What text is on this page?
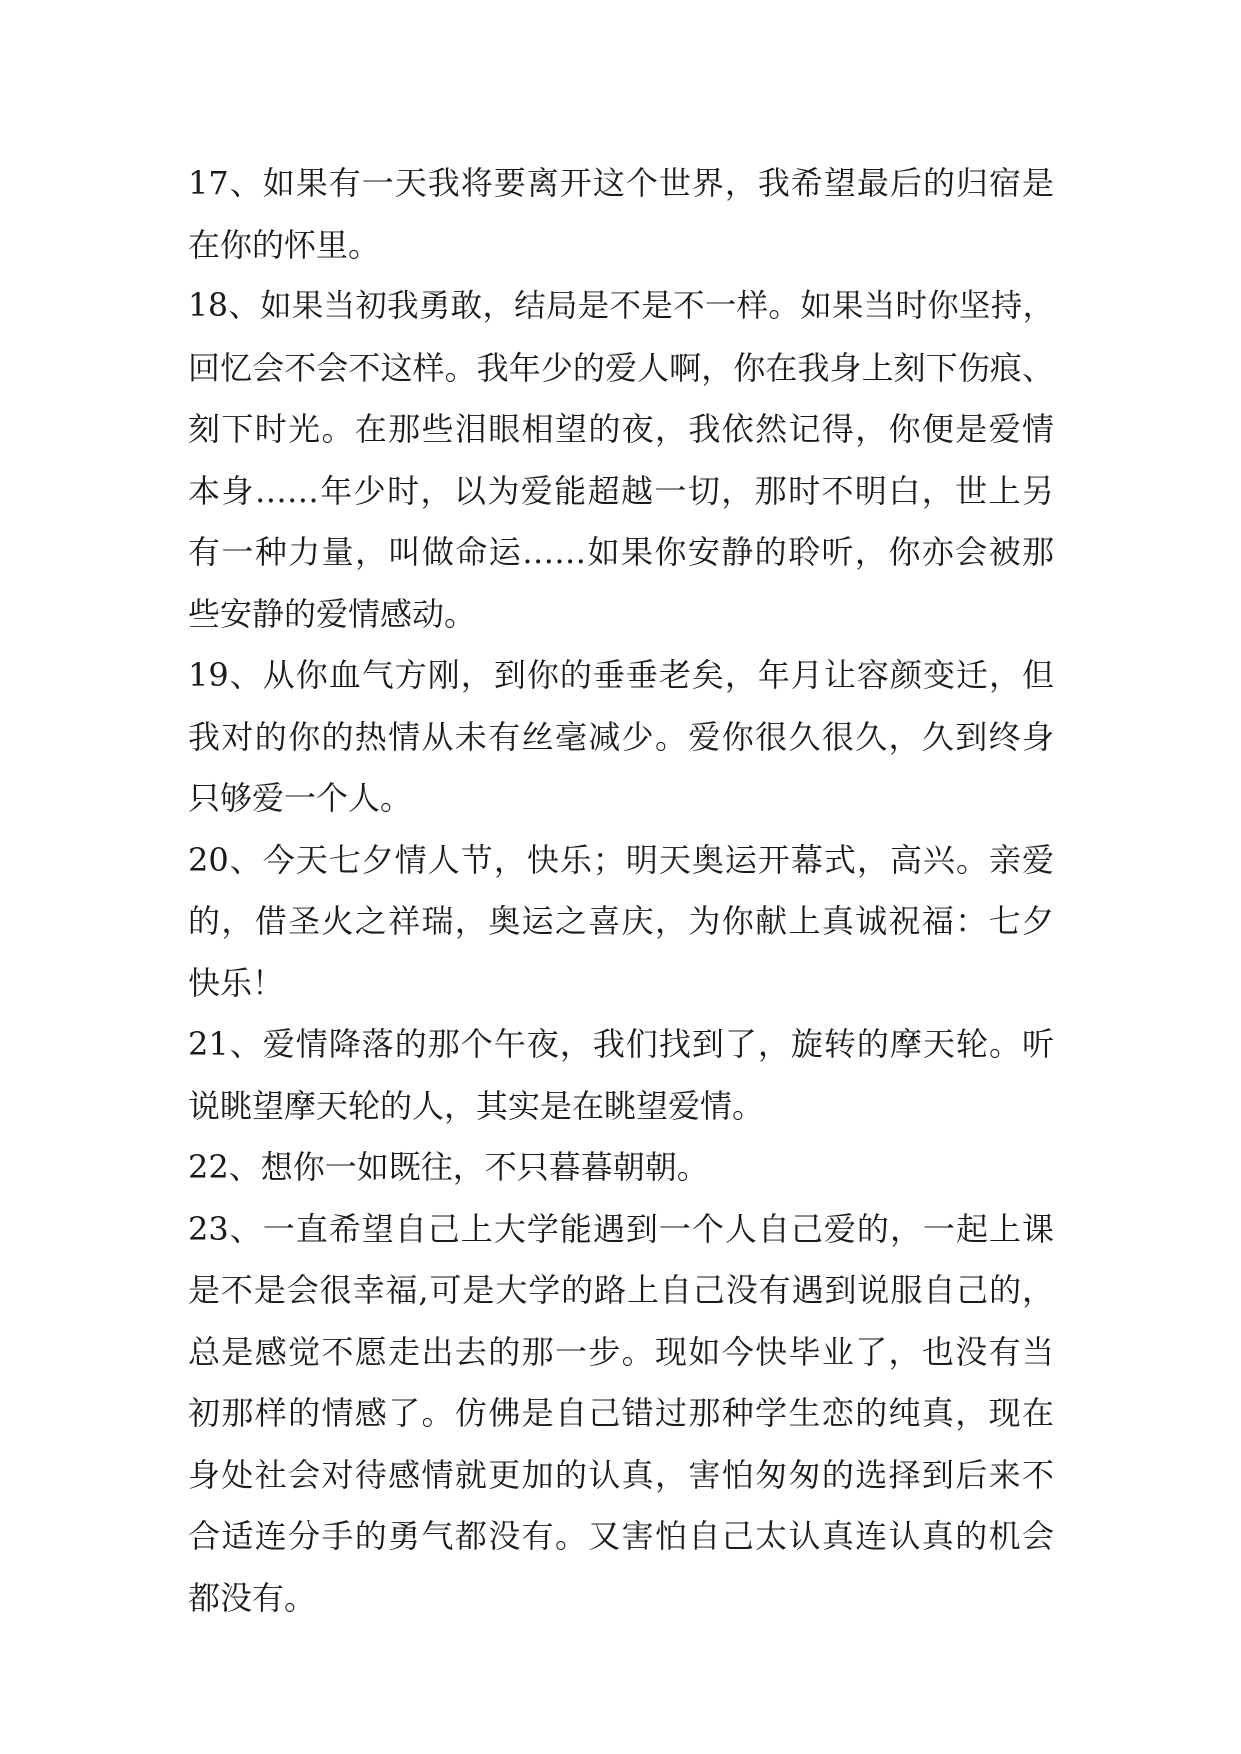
17、如果有一天我将要离开这个世界，我希望最后的归宿是
在你的怀里。
18、如果当初我勇敢，结局是不是不一样。如果当时你坚持，
回忆会不会不这样。我年少的爱人啊，你在我身上刻下伤痕、
刻下时光。在那些泪眼相望的夜，我依然记得，你便是爱情
本身……年少时，以为爱能超越一切，那时不明白，世上另
有一种力量，叫做命运……如果你安静的聆听，你亦会被那
些安静的爱情感动。
19、从你血气方刚，到你的垂垂老矣，年月让容颜变迁，但
我对的你的热情从未有丝毫减少。爱你很久很久，久到终身
只够爱一个人。
20、今天七夕情人节，快乐；明天奥运开幕式，高兴。亲爱
的，借圣火之祥瑞，奥运之喜庆，为你献上真诚祝福：七夕
快乐！
21、爱情降落的那个午夜，我们找到了，旋转的摩天轮。听
说眺望摩天轮的人，其实是在眺望爱情。
22、想你一如既往，不只暮暮朝朝。
23、一直希望自己上大学能遇到一个人自己爱的，一起上课
是不是会很幸福,可是大学的路上自己没有遇到说服自己的，
总是感觉不愿走出去的那一步。现如今快毕业了，也没有当
初那样的情感了。仿佛是自己错过那种学生恋的纯真，现在
身处社会对待感情就更加的认真，害怕匆匆的选择到后来不
合适连分手的勇气都没有。又害怕自己太认真连认真的机会
都没有。
